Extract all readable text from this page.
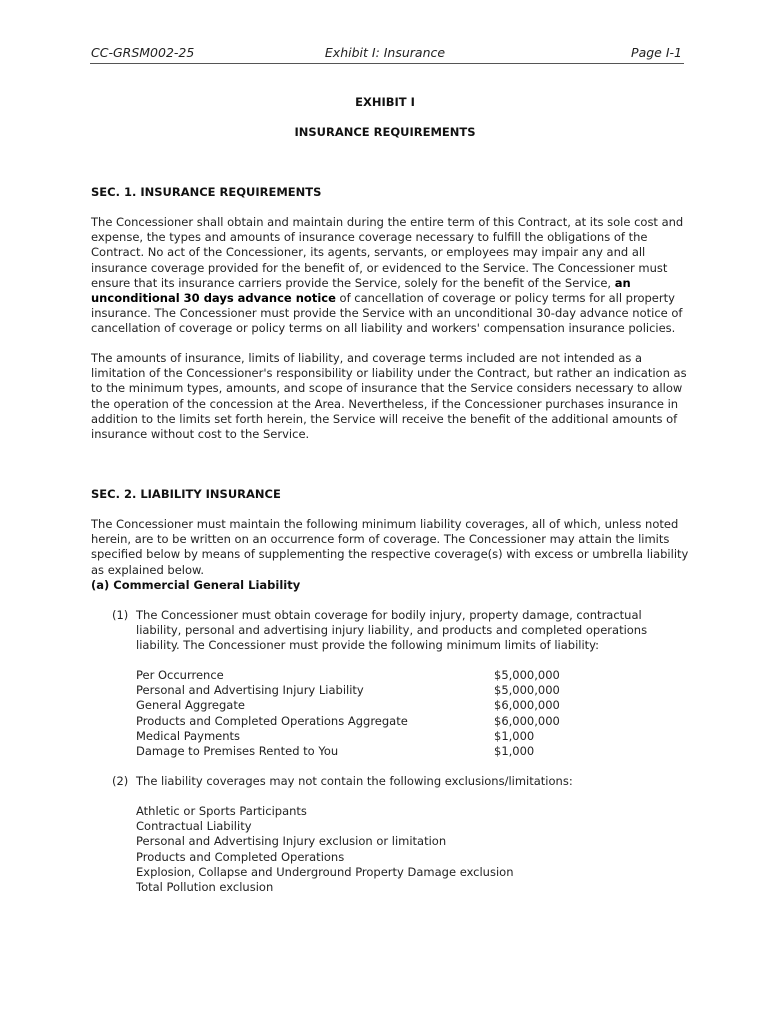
CC-GRSM002-25	Exhibit I: Insurance	Page I-1
EXHIBIT I
INSURANCE REQUIREMENTS
SEC. 1. INSURANCE REQUIREMENTS
The Concessioner shall obtain and maintain during the entire term of this Contract, at its sole cost and expense, the types and amounts of insurance coverage necessary to fulfill the obligations of the Contract. No act of the Concessioner, its agents, servants, or employees may impair any and all insurance coverage provided for the benefit of, or evidenced to the Service. The Concessioner must ensure that its insurance carriers provide the Service, solely for the benefit of the Service, an unconditional 30 days advance notice of cancellation of coverage or policy terms for all property insurance. The Concessioner must provide the Service with an unconditional 30-day advance notice of cancellation of coverage or policy terms on all liability and workers' compensation insurance policies.
The amounts of insurance, limits of liability, and coverage terms included are not intended as a limitation of the Concessioner's responsibility or liability under the Contract, but rather an indication as to the minimum types, amounts, and scope of insurance that the Service considers necessary to allow the operation of the concession at the Area. Nevertheless, if the Concessioner purchases insurance in addition to the limits set forth herein, the Service will receive the benefit of the additional amounts of insurance without cost to the Service.
SEC. 2. LIABILITY INSURANCE
The Concessioner must maintain the following minimum liability coverages, all of which, unless noted herein, are to be written on an occurrence form of coverage. The Concessioner may attain the limits specified below by means of supplementing the respective coverage(s) with excess or umbrella liability as explained below.
(a) Commercial General Liability
(1) The Concessioner must obtain coverage for bodily injury, property damage, contractual liability, personal and advertising injury liability, and products and completed operations liability. The Concessioner must provide the following minimum limits of liability:
Per Occurrence	$5,000,000
Personal and Advertising Injury Liability	$5,000,000
General Aggregate	$6,000,000
Products and Completed Operations Aggregate	$6,000,000
Medical Payments	$1,000
Damage to Premises Rented to You	$1,000
(2) The liability coverages may not contain the following exclusions/limitations:
Athletic or Sports Participants
Contractual Liability
Personal and Advertising Injury exclusion or limitation
Products and Completed Operations
Explosion, Collapse and Underground Property Damage exclusion
Total Pollution exclusion
